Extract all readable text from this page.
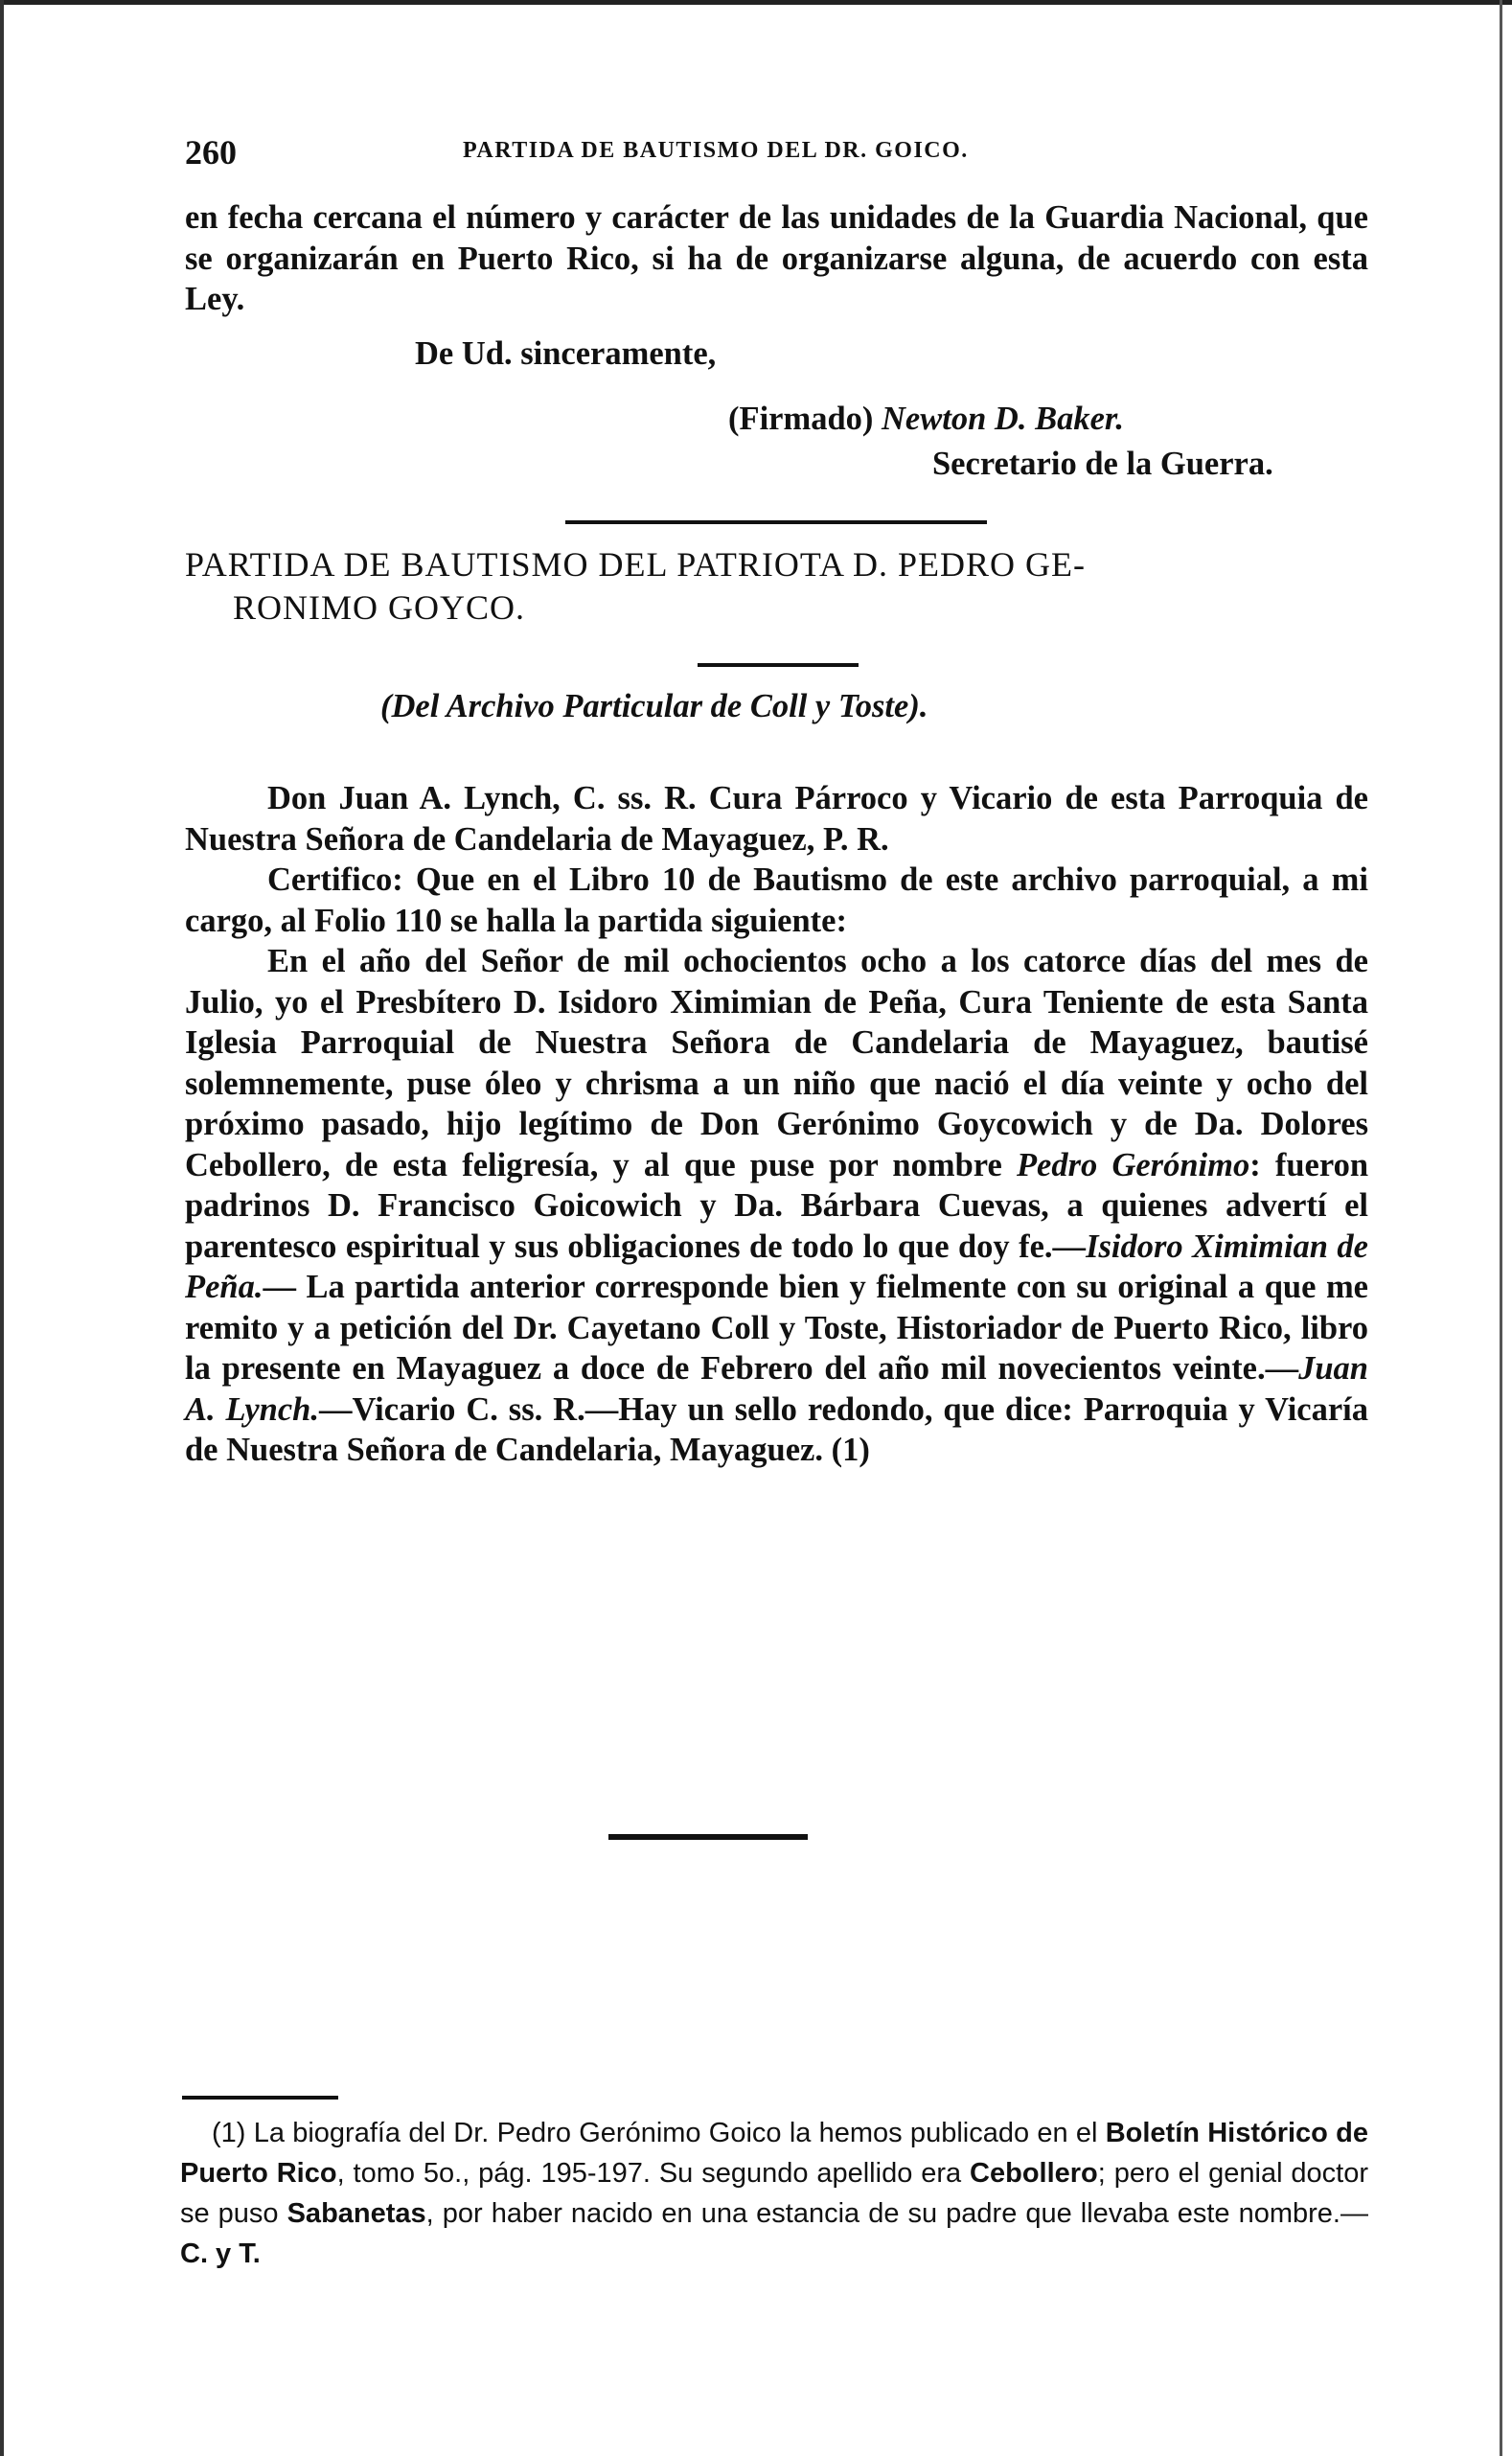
260	PARTIDA DE BAUTISMO DEL DR. GOICO.
en fecha cercana el número y carácter de las unidades de la Guardia Nacional, que se organizarán en Puerto Rico, si ha de organizarse alguna, de acuerdo con esta Ley.
De Ud. sinceramente,
(Firmado) Newton D. Baker.
Secretario de la Guerra.
PARTIDA DE BAUTISMO DEL PATRIOTA D. PEDRO GE-
RONIMO GOYCO.
(Del Archivo Particular de Coll y Toste).

Don Juan A. Lynch, C. ss. R. Cura Párroco y Vicario de esta Parroquia de Nuestra Señora de Candelaria de Mayaguez, P. R.

Certifico: Que en el Libro 10 de Bautismo de este archivo parroquial, a mi cargo, al Folio 110 se halla la partida siguiente:

En el año del Señor de mil ochocientos ocho a los catorce días del mes de Julio, yo el Presbítero D. Isidoro Ximimian de Peña, Cura Teniente de esta Santa Iglesia Parroquial de Nuestra Señora de Candelaria de Mayaguez, bautisé solemnemente, puse óleo y chrisma a un niño que nació el día veinte y ocho del próximo pasado, hijo legítimo de Don Gerónimo Goycowich y de Da. Dolores Cebollero, de esta feligresía, y al que puse por nombre Pedro Gerónimo: fueron padrinos D. Francisco Goicowich y Da. Bárbara Cuevas, a quienes advertí el parentesco espiritual y sus obligaciones de todo lo que doy fe.—Isidoro Ximimian de Peña.— La partida anterior corresponde bien y fielmente con su original a que me remito y a petición del Dr. Cayetano Coll y Toste, Historiador de Puerto Rico, libro la presente en Mayaguez a doce de Febrero del año mil novecientos veinte.—Juan A. Lynch.—Vicario C. ss. R.—Hay un sello redondo, que dice: Parroquia y Vicaría de Nuestra Señora de Candelaria, Mayaguez. (1)

(1) La biografía del Dr. Pedro Gerónimo Goico la hemos publicado en el Boletín Histórico de Puerto Rico, tomo 5o., pág. 195-197. Su segundo apellido era Cebollero; pero el genial doctor se puso Sabanetas, por haber nacido en una estancia de su padre que llevaba este nombre.—C. y T.
